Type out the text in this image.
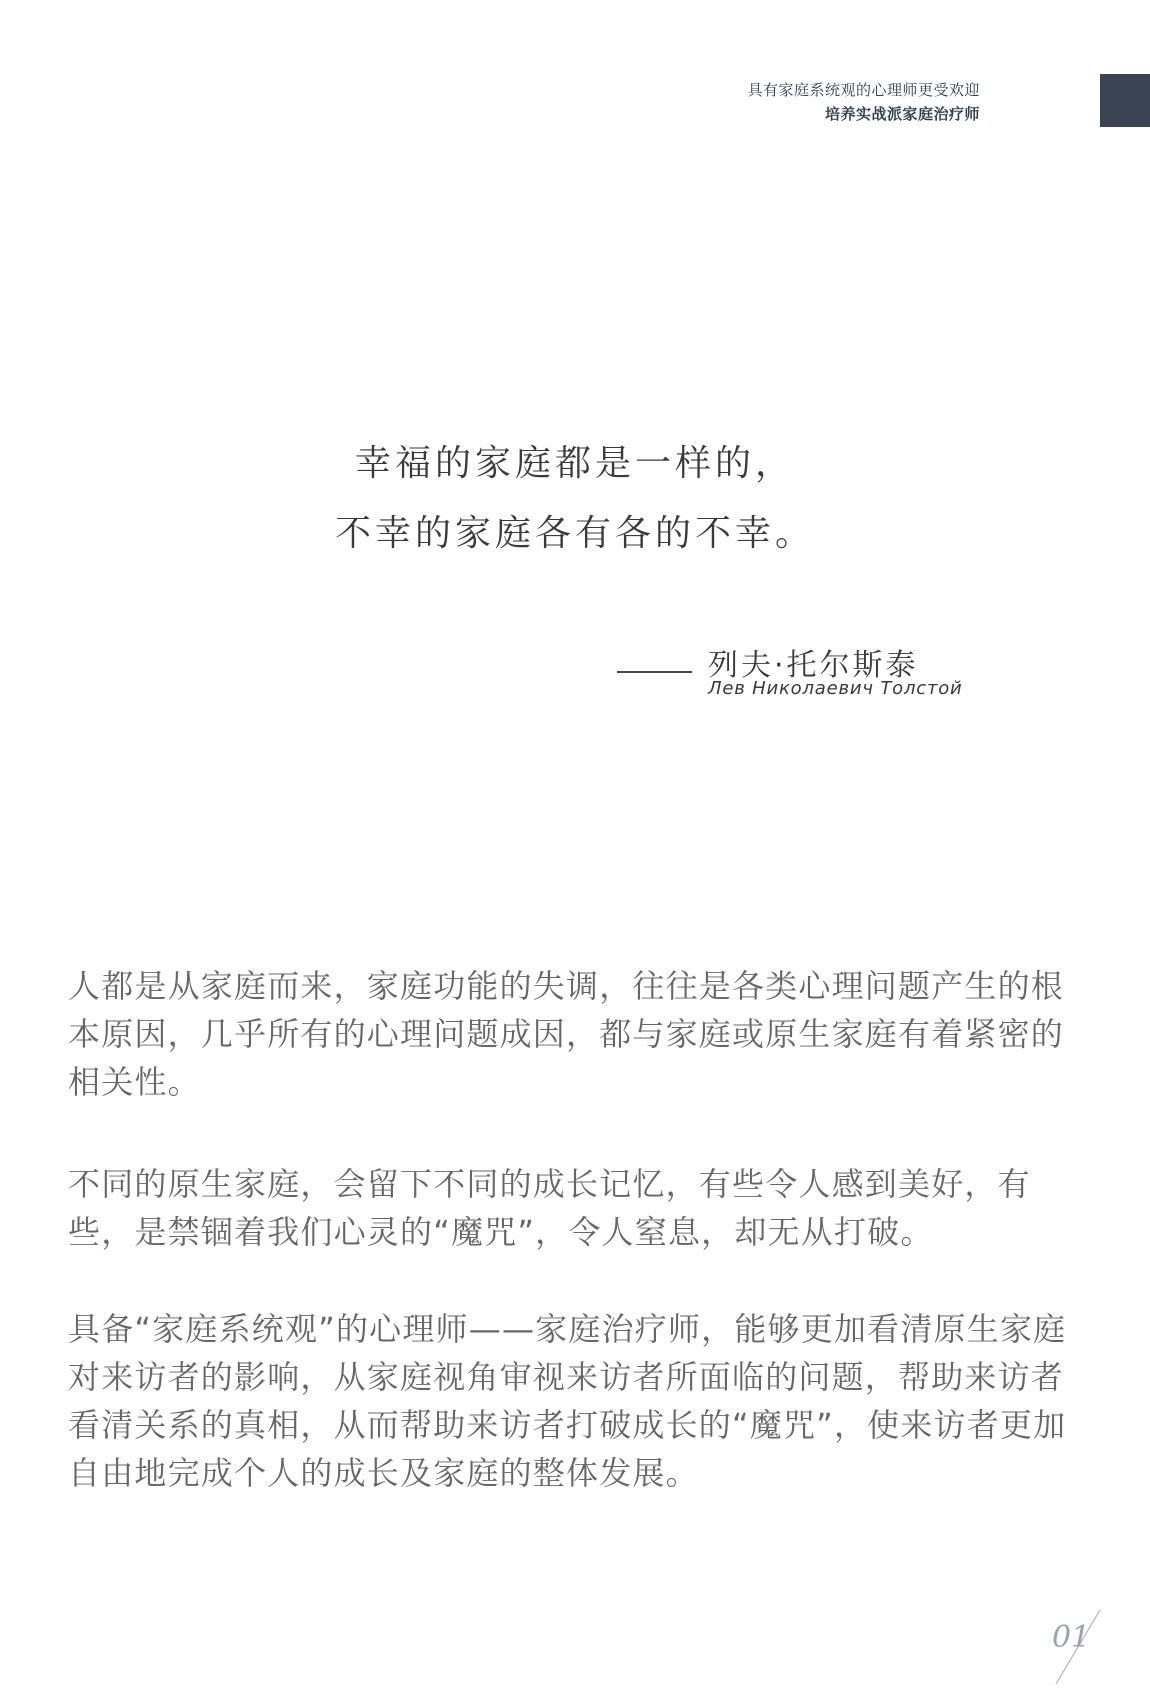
具有家庭系统观的心理师更受欢迎
培养实战派家庭治疗师
幸福的家庭都是一样的，
不幸的家庭各有各的不幸。
列夫·托尔斯泰
Лев Николаевич Толстой

人都是从家庭而来，家庭功能的失调，往往是各类心理问题产生的根本原因，几乎所有的心理问题成因，都与家庭或原生家庭有着紧密的相关性。

不同的原生家庭，会留下不同的成长记忆，有些令人感到美好，有些，是禁锢着我们心灵的“魔咒”，令人窒息，却无从打破。

具备“家庭系统观”的心理师——家庭治疗师，能够更加看清原生家庭对来访者的影响，从家庭视角审视来访者所面临的问题，帮助来访者看清关系的真相，从而帮助来访者打破成长的“魔咒”，使来访者更加自由地完成个人的成长及家庭的整体发展。

01
